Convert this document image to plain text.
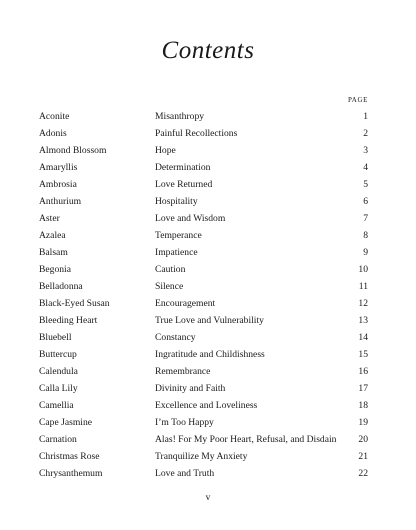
Contents
PAGE
Aconite	Misanthropy	1
Adonis	Painful Recollections	2
Almond Blossom	Hope	3
Amaryllis	Determination	4
Ambrosia	Love Returned	5
Anthurium	Hospitality	6
Aster	Love and Wisdom	7
Azalea	Temperance	8
Balsam	Impatience	9
Begonia	Caution	10
Belladonna	Silence	11
Black-Eyed Susan	Encouragement	12
Bleeding Heart	True Love and Vulnerability	13
Bluebell	Constancy	14
Buttercup	Ingratitude and Childishness	15
Calendula	Remembrance	16
Calla Lily	Divinity and Faith	17
Camellia	Excellence and Loveliness	18
Cape Jasmine	I’m Too Happy	19
Carnation	Alas! For My Poor Heart, Refusal, and Disdain 20
Christmas Rose	Tranquilize My Anxiety	21
Chrysanthemum	Love and Truth	22
v
